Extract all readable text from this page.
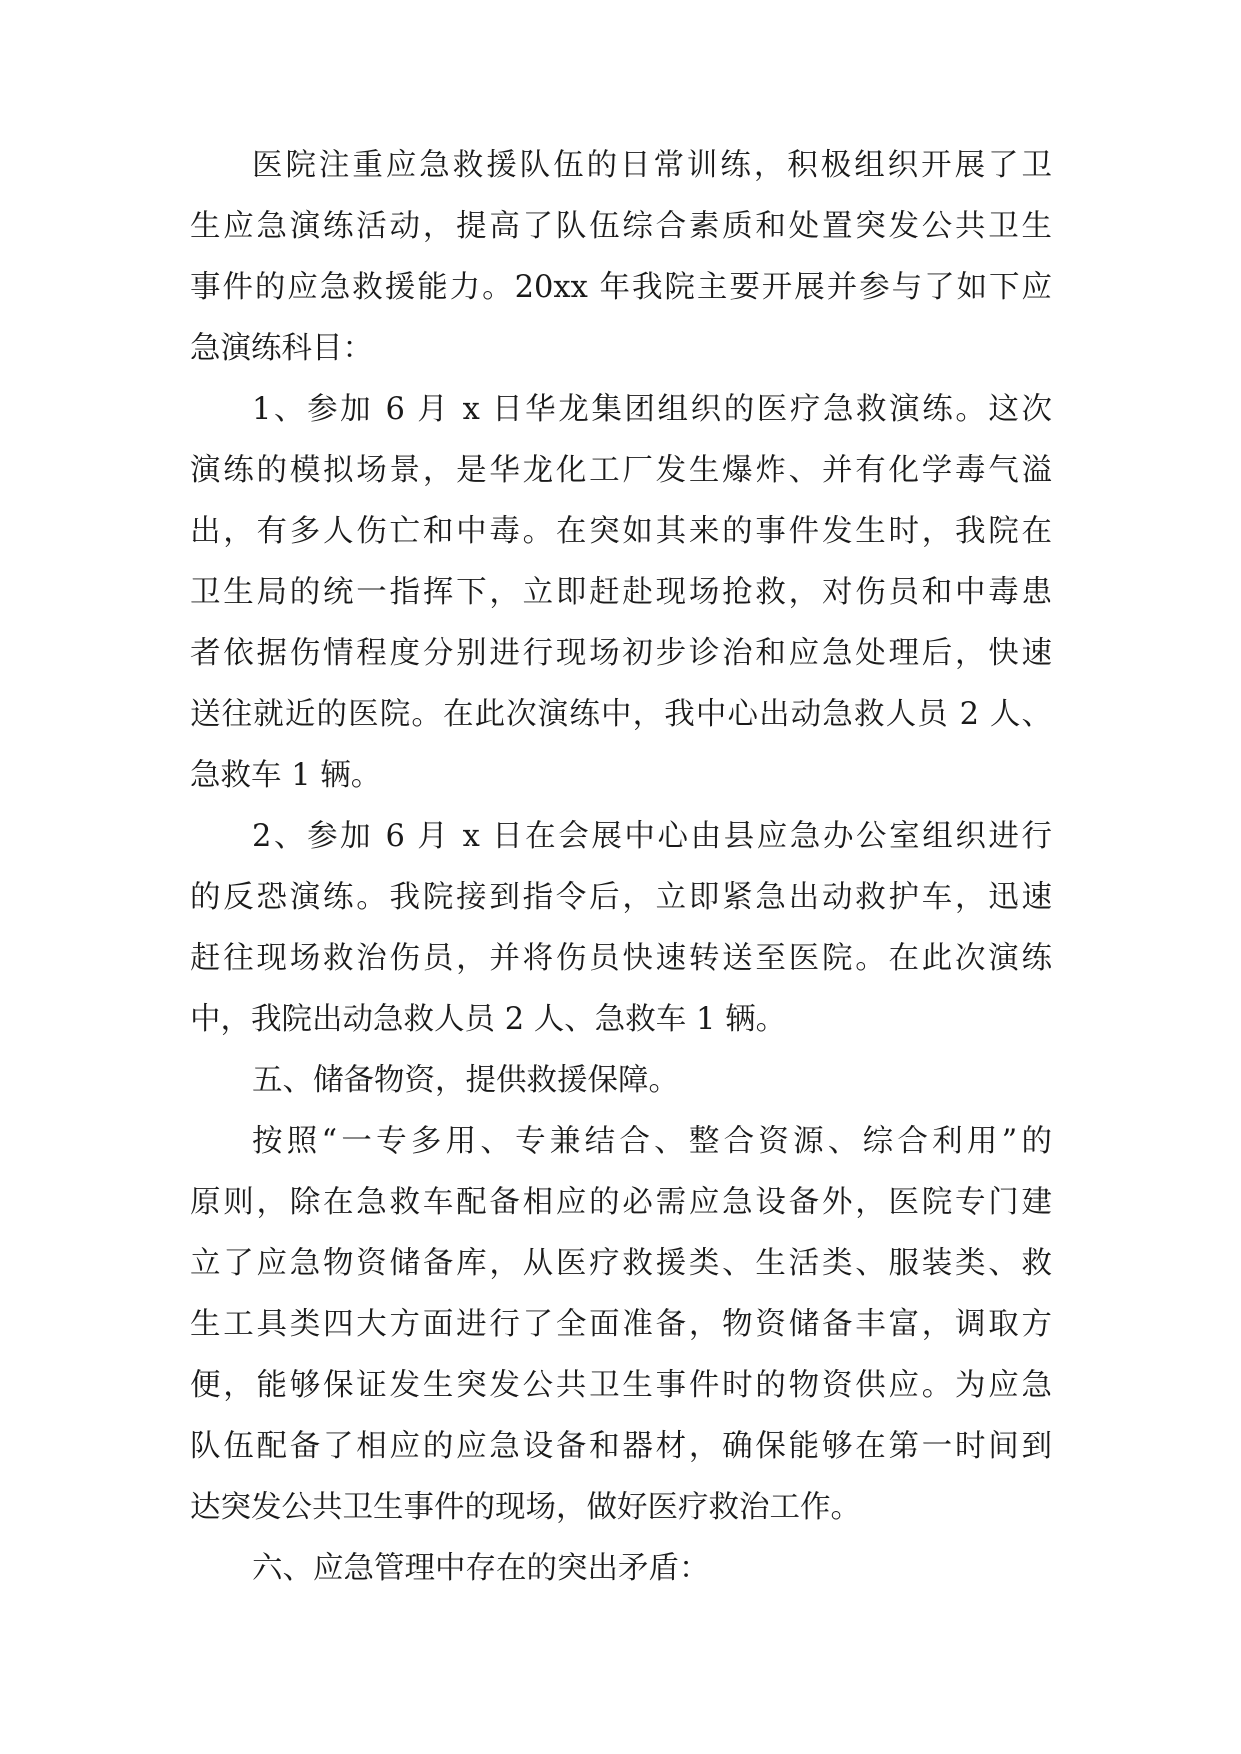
医院注重应急救援队伍的日常训练，积极组织开展了卫

生应急演练活动，提高了队伍综合素质和处置突发公共卫生

事件的应急救援能力。20xx 年我院主要开展并参与了如下应

急演练科目：

1、参加 6 月 x 日华龙集团组织的医疗急救演练。这次

演练的模拟场景，是华龙化工厂发生爆炸、并有化学毒气溢

出，有多人伤亡和中毒。在突如其来的事件发生时，我院在

卫生局的统一指挥下，立即赶赴现场抢救，对伤员和中毒患

者依据伤情程度分别进行现场初步诊治和应急处理后，快速

送往就近的医院。在此次演练中，我中心出动急救人员 2 人、

急救车 1 辆。

2、参加 6 月 x 日在会展中心由县应急办公室组织进行

的反恐演练。我院接到指令后，立即紧急出动救护车，迅速

赶往现场救治伤员，并将伤员快速转送至医院。在此次演练

中，我院出动急救人员 2 人、急救车 1 辆。

五、储备物资，提供救援保障。

按照“一专多用、专兼结合、整合资源、综合利用”的

原则，除在急救车配备相应的必需应急设备外，医院专门建

立了应急物资储备库，从医疗救援类、生活类、服装类、救

生工具类四大方面进行了全面准备，物资储备丰富，调取方

便，能够保证发生突发公共卫生事件时的物资供应。为应急

队伍配备了相应的应急设备和器材，确保能够在第一时间到

达突发公共卫生事件的现场，做好医疗救治工作。

六、应急管理中存在的突出矛盾：
